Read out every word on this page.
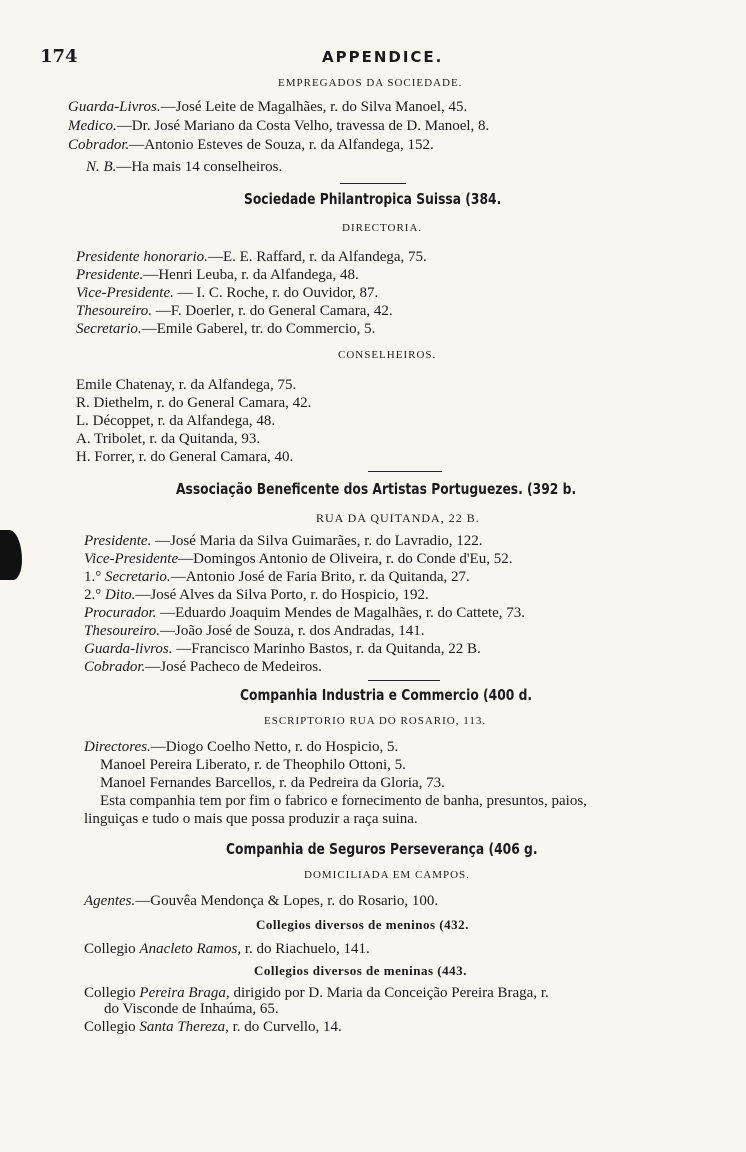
174	APPENDICE.
EMPREGADOS DA SOCIEDADE.
Guarda-Livros.—José Leite de Magalhães, r. do Silva Manoel, 45.
Medico.—Dr. José Mariano da Costa Velho, travessa de D. Manoel, 8.
Cobrador.—Antonio Esteves de Souza, r. da Alfandega, 152.
N. B.—Ha mais 14 conselheiros.
Sociedade Philantropica Suissa (384.
DIRECTORIA.
Presidente honorario.—E. E. Raffard, r. da Alfandega, 75.
Presidente.—Henri Leuba, r. da Alfandega, 48.
Vice-Presidente. — I. C. Roche, r. do Ouvidor, 87.
Thesoureiro. —F. Doerler, r. do General Camara, 42.
Secretario.—Emile Gaberel, tr. do Commercio, 5.
CONSELHEIROS.
Emile Chatenay, r. da Alfandega, 75.
R. Diethelm, r. do General Camara, 42.
L. Décoppet, r. da Alfandega, 48.
A. Tribolet, r. da Quitanda, 93.
H. Forrer, r. do General Camara, 40.
Associação Beneficente dos Artistas Portuguezes. (392 b.
RUA DA QUITANDA, 22 B.
Presidente. —José Maria da Silva Guimarães, r. do Lavradio, 122.
Vice-Presidente—Domingos Antonio de Oliveira, r. do Conde d'Eu, 52.
1.° Secretario.—Antonio José de Faria Brito, r. da Quitanda, 27.
2.° Dito.—José Alves da Silva Porto, r. do Hospicio, 192.
Procurador. —Eduardo Joaquim Mendes de Magalhães, r. do Cattete, 73.
Thesoureiro.—João José de Souza, r. dos Andradas, 141.
Guarda-livros. —Francisco Marinho Bastos, r. da Quitanda, 22 B.
Cobrador.—José Pacheco de Medeiros.
Companhia Industria e Commercio (400 d.
ESCRIPTORIO RUA DO ROSARIO, 113.
Directores.—Diogo Coelho Netto, r. do Hospicio, 5.
Manoel Pereira Liberato, r. de Theophilo Ottoni, 5.
Manoel Fernandes Barcellos, r. da Pedreira da Gloria, 73.
Esta companhia tem por fim o fabrico e fornecimento de banha, presuntos, paios,
linguiças e tudo o mais que possa produzir a raça suina.
Companhia de Seguros Perseverança (406 g.
DOMICILIADA EM CAMPOS.
Agentes.—Gouvêa Mendonça & Lopes, r. do Rosario, 100.
Collegios diversos de meninos (432.
Collegio Anacleto Ramos, r. do Riachuelo, 141.
Collegios diversos de meninas (443.
Collegio Pereira Braga, dirigido por D. Maria da Conceição Pereira Braga, r.
do Visconde de Inhaúma, 65.
Collegio Santa Thereza, r. do Curvello, 14.
